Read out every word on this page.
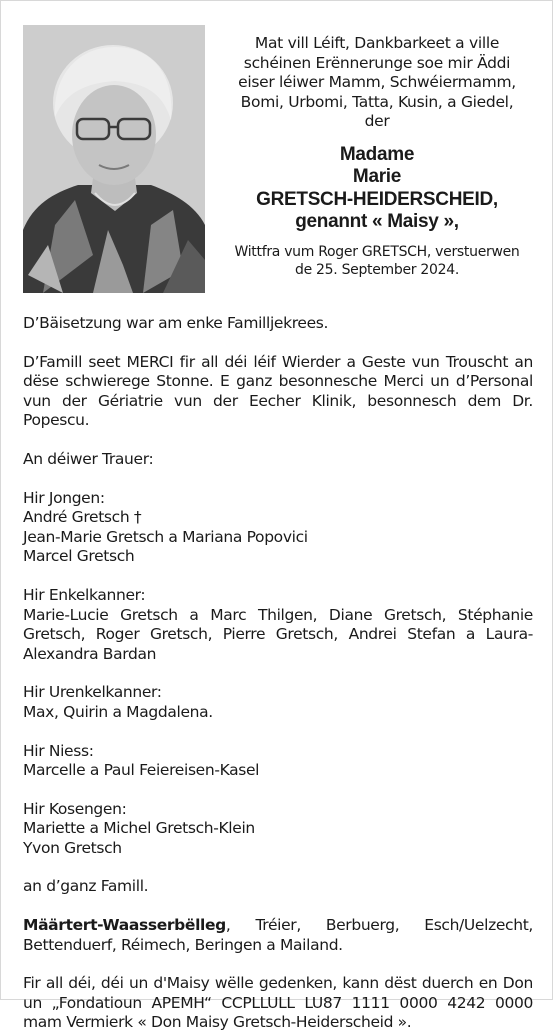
Mat vill Léift, Dankbarkeet a ville
schéinen Erënnerunge soe mir Äddi
eiser léiwer Mamm, Schwéiermamm,
Bomi, Urbomi, Tatta, Kusin, a Giedel,
der
Madame
Marie
GRETSCH-HEIDERSCHEID,
genannt « Maisy »,
Wittfra vum Roger GRETSCH, verstuerwen
de 25. September 2024.

D’Bäisetzung war am enke Familljekrees.

D’Famill seet MERCI fir all déi léif Wierder a Geste vun Trouscht an dëse schwierege Stonne. E ganz besonnesche Merci un d’Personal vun der Gériatrie vun der Eecher Klinik, besonnesch dem Dr. Popescu.

An déiwer Trauer:

Hir Jongen:

André Gretsch †

Jean-Marie Gretsch a Mariana Popovici

Marcel Gretsch

Hir Enkelkanner:

Marie-Lucie Gretsch a Marc Thilgen, Diane Gretsch, Stéphanie Gretsch, Roger Gretsch, Pierre Gretsch, Andrei Stefan a Laura-Alexandra Bardan

Hir Urenkelkanner:

Max, Quirin a Magdalena.

Hir Niess:

Marcelle a Paul Feiereisen-Kasel

Hir Kosengen:

Mariette a Michel Gretsch-Klein

Yvon Gretsch

an d’ganz Famill.

Määrtert-Waasserbëlleg, Tréier, Berbuerg, Esch/Uelzecht, Bettenduerf, Réimech, Beringen a Mailand.

Fir all déi, déi un d'Maisy wëlle gedenken, kann dëst duerch en Don un „Fondatioun APEMH“ CCPLLULL LU87 1111 0000 4242 0000 mam Vermierk « Don Maisy Gretsch-Heiderscheid ».
